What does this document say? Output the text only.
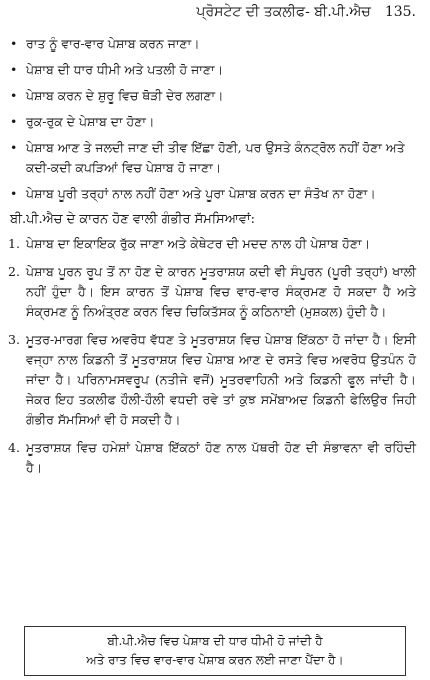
ਪ੍ਰੋਸਟੇਟ ਦੀ ਤਕਲੀਫ- ਬੀ.ਪੀ.ਐਚ 135.
• ਰਾਤ ਨੂੰ ਵਾਰ-ਵਾਰ ਪੇਸ਼ਾਬ ਕਰਨ ਜਾਣਾ।
• ਪੇਸ਼ਾਬ ਦੀ ਧਾਰ ਧੀਮੀ ਅਤੇ ਪਤਲੀ ਹੋ ਜਾਣਾ।
• ਪੇਸ਼ਾਬ ਕਰਨ ਦੇ ਸ਼ੁਰੂ ਵਿਚ ਥੋੜੀ ਦੇਰ ਲਗਣਾ।
• ਰੁਕ-ਰੁਕ ਦੇ ਪੇਸ਼ਾਬ ਦਾ ਹੋਣਾ।
• ਪੇਸ਼ਾਬ ਆਣ ਤੇ ਜਲਦੀ ਜਾਣ ਦੀ ਤੀਵ ਇੱਛਾ ਹੋਣੀ, ਪਰ ਉਸਤੇ ਕੰਨਟ੍ਰੋਲ ਨਹੀਂ ਹੋਣਾ ਅਤੇ ਕਦੀ-ਕਦੀ ਕਪੜਿਆਂ ਵਿਚ ਪੇਸ਼ਾਬ ਹੋ ਜਾਣਾ।
• ਪੇਸ਼ਾਬ ਪੂਰੀ ਤਰ੍ਹਾਂ ਨਾਲ ਨਹੀਂ ਹੋਣਾ ਅਤੇ ਪੂਰਾ ਪੇਸ਼ਾਬ ਕਰਨ ਦਾ ਸੰਤੋਖ ਨਾ ਹੋਣਾ।
ਬੀ.ਪੀ.ਐਚ ਦੇ ਕਾਰਨ ਹੋਣ ਵਾਲੀ ਗੰਭੀਰ ਸੱਮਸਿਆਵਾਂ:
1. ਪੇਸ਼ਾਬ ਦਾ ਇਕਾਇਕ ਰੁੱਕ ਜਾਣਾ ਅਤੇ ਕੇਥੇਟਰ ਦੀ ਮਦਦ ਨਾਲ ਹੀ ਪੇਸ਼ਾਬ ਹੋਣਾ।
2. ਪੇਸ਼ਾਬ ਪੂਰਨ ਰੂਪ ਤੋਂ ਨਾ ਹੋਣ ਦੇ ਕਾਰਨ ਮੂਤਰਾਸ਼ਯ ਕਦੀ ਵੀ ਸੰਪੂਰਨ (ਪੂਰੀ ਤਰ੍ਹਾਂ) ਖਾਲੀ ਨਹੀਂ ਹੁੰਦਾ ਹੈ। ਇਸ ਕਾਰਨ ਤੋਂ ਪੇਸ਼ਾਬ ਵਿਚ ਵਾਰ-ਵਾਰ ਸੰਕ੍ਰਮਣ ਹੋ ਸਕਦਾ ਹੈ ਅਤੇ ਸੰਕ੍ਰਮਣ ਨੂੰ ਨਿਅੰਤ੍ਰਣ ਕਰਨ ਵਿਚ ਚਿਕਿਤੱਸਕ ਨੂੰ ਕਠਿਨਾਈ (ਮੁਸ਼ਕਲ) ਹੁੰਦੀ ਹੈ।
3. ਮੂਤਰ-ਮਾਰਗ ਵਿਚ ਅਵਰੋਧ ਵੱਧਣ ਤੇ ਮੂਤਰਾਸ਼ਯ ਵਿਚ ਪੇਸ਼ਾਬ ਇੱਕਠਾ ਹੋ ਜਾਂਦਾ ਹੈ। ਇਸੀ ਵਜ੍ਹਾ ਨਾਲ ਕਿਡਨੀ ਤੋਂ ਮੂਤਰਾਸ਼ਯ ਵਿਚ ਪੇਸ਼ਾਬ ਆਣ ਦੇ ਰਸਤੇ ਵਿਚ ਅਵਰੋਧ ਉਤਪੰਨ ਹੋ ਜਾਂਦਾ ਹੈ। ਪਰਿਨਾਮਸਵਰੂਪ (ਨਤੀਜੇ ਵਜੋਂ) ਮੂਤਰਵਾਹਿਨੀ ਅਤੇ ਕਿਡਨੀ ਫੂਲ ਜਾਂਦੀ ਹੈ। ਜੇਕਰ ਇਹ ਤਕਲੀਫ ਹੌਲੀ-ਹੌਲੀ ਵਧਦੀ ਰਵੇ ਤਾਂ ਕੁਝ ਸਮੇਂਬਾਅਦ ਕਿਡਨੀ ਫੇਲਿਉਰ ਜਿਹੀ ਗੰਭੀਰ ਸੱਮਸਿਆਂ ਵੀ ਹੋ ਸਕਦੀ ਹੈ।
4. ਮੂਤਰਾਸ਼ਯ ਵਿਚ ਹਮੇਸ਼ਾਂ ਪੇਸ਼ਾਬ ਇੱਕਠਾਂ ਹੋਣ ਨਾਲ ਪੱਥਰੀ ਹੋਣ ਦੀ ਸੰਭਾਵਨਾ ਵੀ ਰਹਿੰਦੀ ਹੈ।
ਬੀ.ਪੀ.ਐਚ ਵਿਚ ਪੇਸ਼ਾਬ ਦੀ ਧਾਰ ਧੀਮੀ ਹੋ ਜਾਂਦੀ ਹੈ
ਅਤੇ ਰਾਤ ਵਿਚ ਵਾਰ-ਵਾਰ ਪੇਸ਼ਾਬ ਕਰਨ ਲਈ ਜਾਣਾ ਪੈਂਦਾ ਹੈ।
